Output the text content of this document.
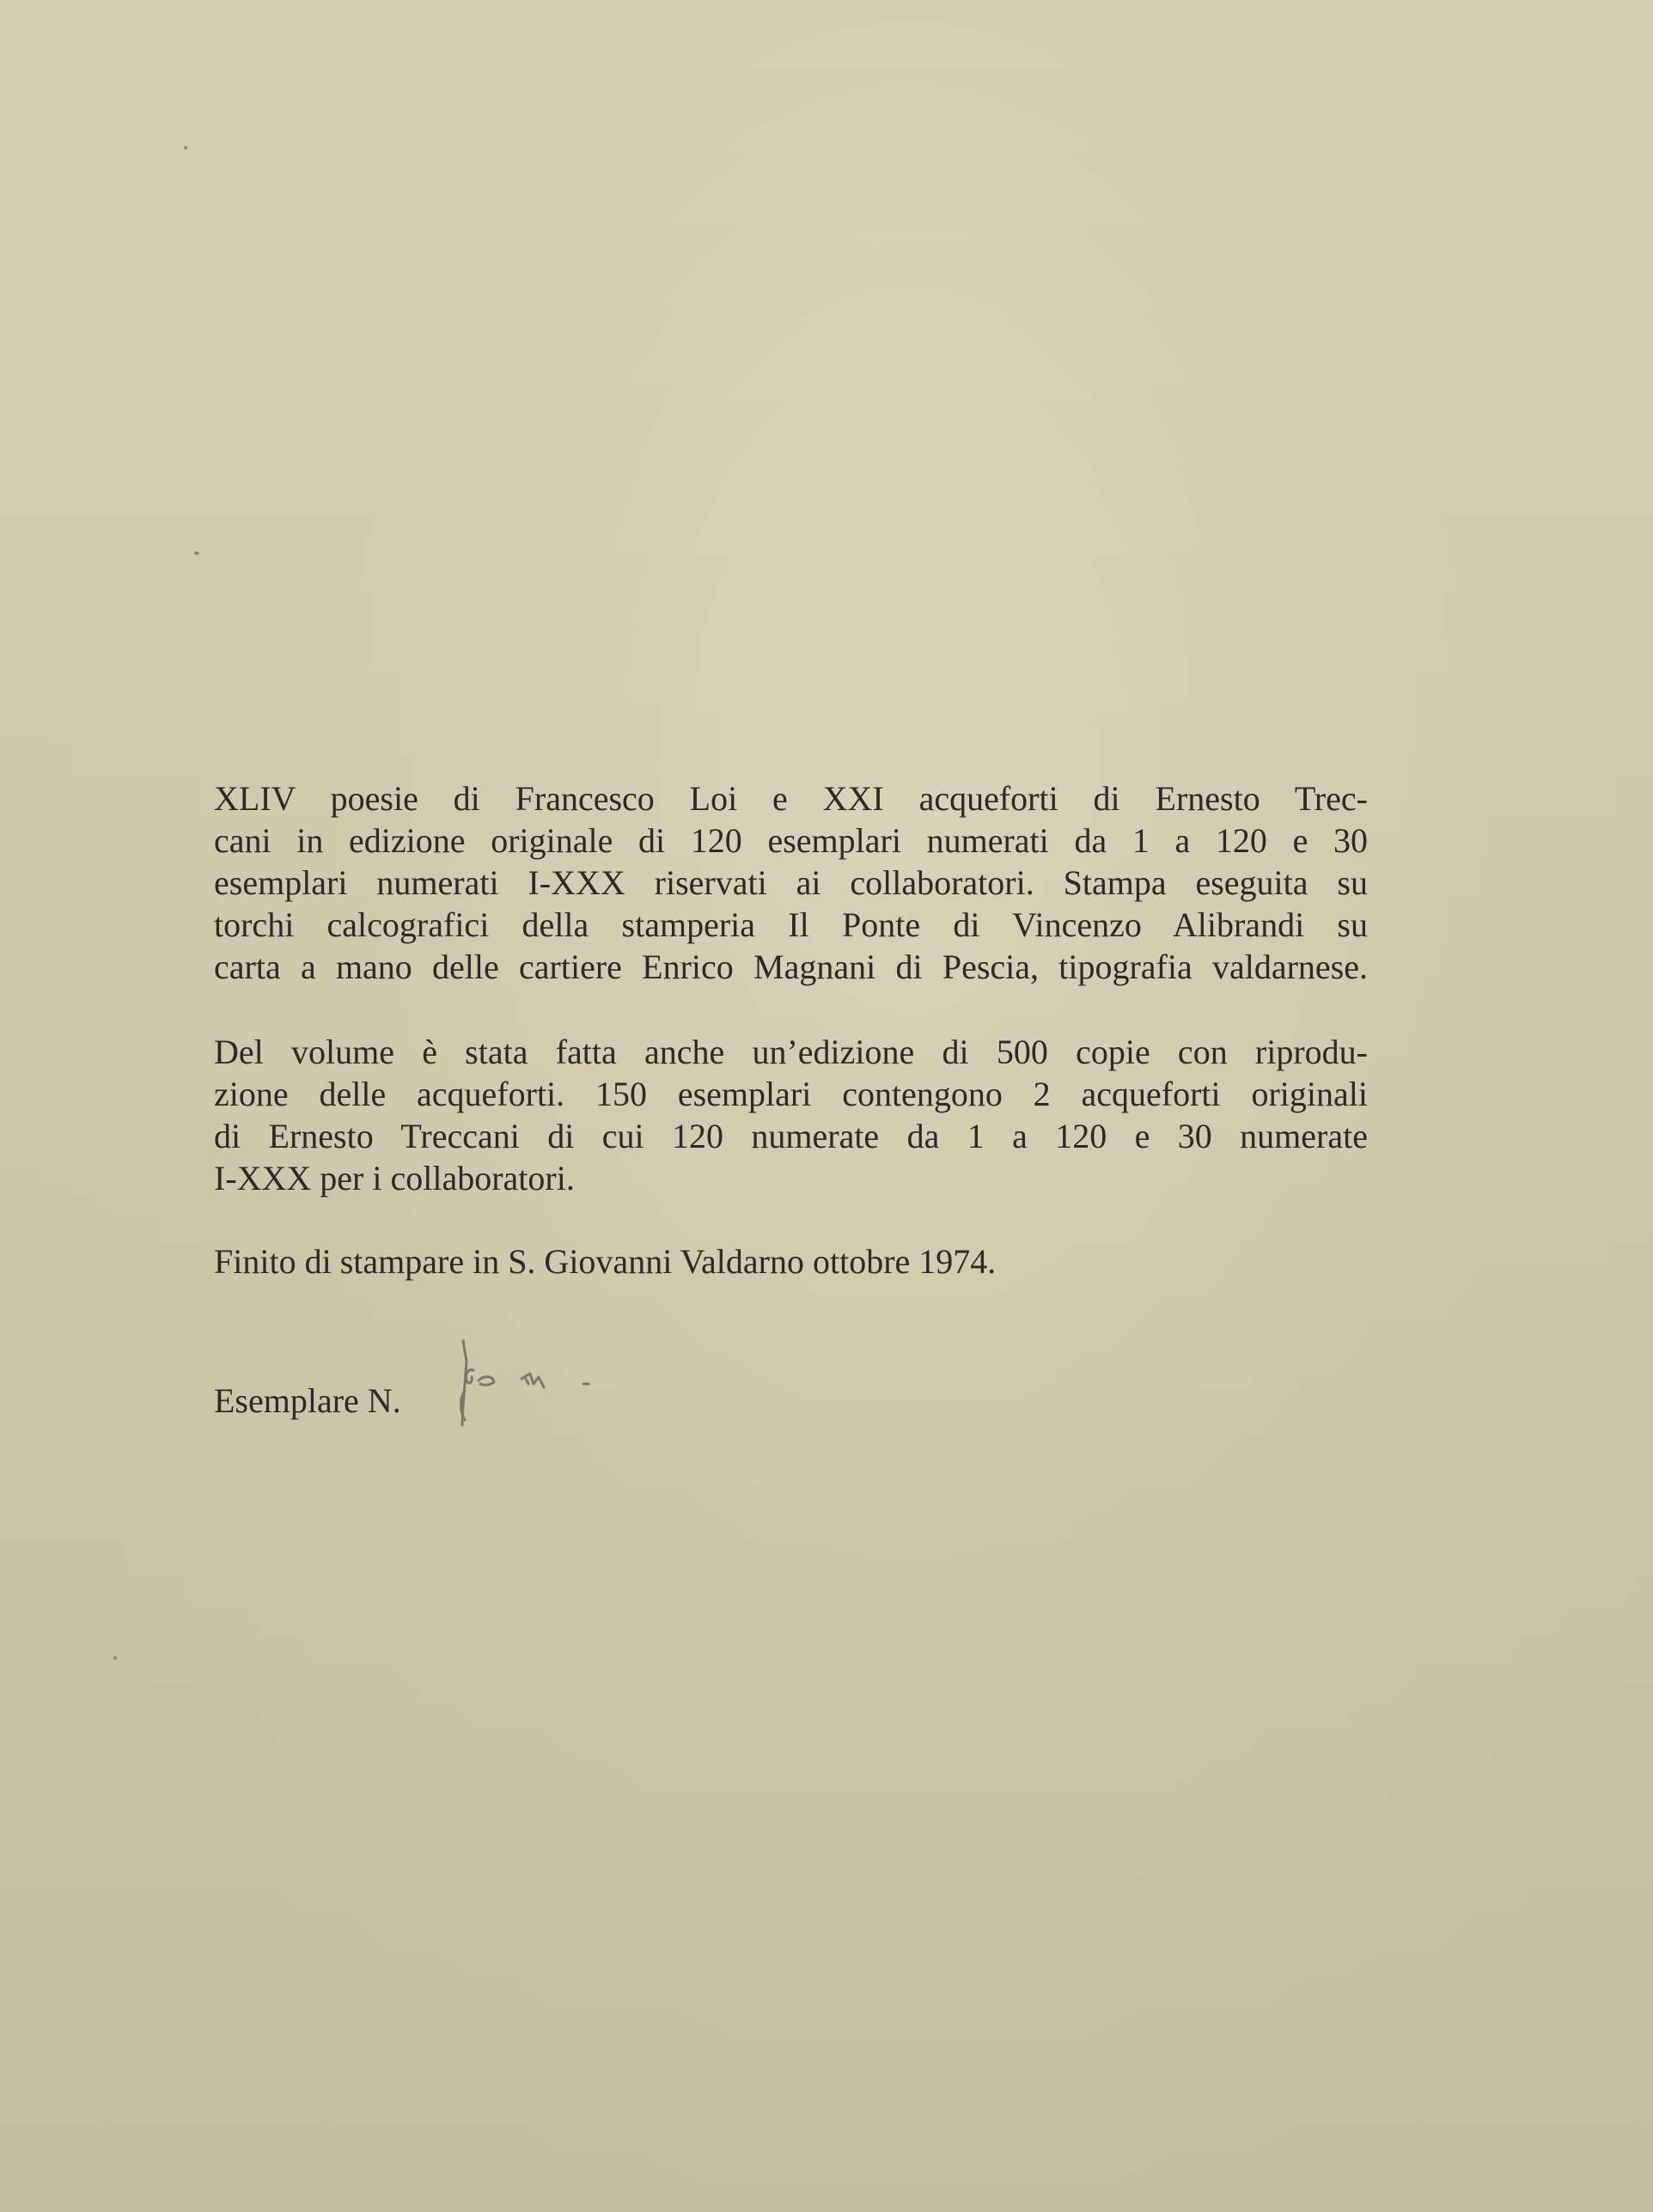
XLIV poesie di Francesco Loi e XXI acqueforti di Ernesto Trec-
cani in edizione originale di 120 esemplari numerati da 1 a 120 e 30
esemplari numerati I-XXX riservati ai collaboratori. Stampa eseguita su
torchi calcografici della stamperia Il Ponte di Vincenzo Alibrandi su
carta a mano delle cartiere Enrico Magnani di Pescia, tipografia valdarnese.

Del volume è stata fatta anche un’edizione di 500 copie con riprodu-
zione delle acqueforti. 150 esemplari contengono 2 acqueforti originali
di Ernesto Treccani di cui 120 numerate da 1 a 120 e 30 numerate
I-XXX per i collaboratori.

Finito di stampare in S. Giovanni Valdarno ottobre 1974.

Esemplare N.
